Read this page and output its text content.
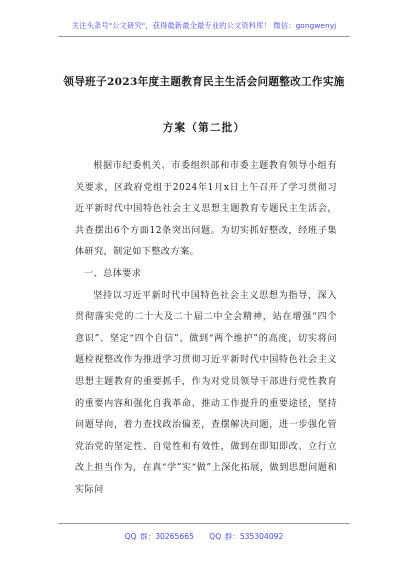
关注头条号"公文研究"，获得最新最全最专业的公文资料库！ 微信：gongwenyj
领导班子2023年度主题教育民主生活会问题整改工作实施
方案（第二批）

根据市纪委机关、市委组织部和市委主题教育领导小组有关要求，区政府党组于2024年1月x日上午召开了学习贯彻习近平新时代中国特色社会主义思想主题教育专题民主生活会，共查摆出6个方面12条突出问题。为切实抓好整改，经班子集体研究，制定如下整改方案。

一、总体要求

坚持以习近平新时代中国特色社会主义思想为指导，深入贯彻落实党的二十大及二十届二中全会精神，站在增强“四个意识”、坚定“四个自信”、做到“两个维护”的高度，切实将问题检视整改作为推进学习贯彻习近平新时代中国特色社会主义思想主题教育的重要抓手，作为对党员领导干部进行党性教育的重要内容和强化自我革命、推动工作提升的重要途径，坚持问题导向，着力查找政治偏差，查摆解决问题，进一步强化管党治党的坚定性、自觉性和有效性，做到在即知即改、立行立改上担当作为，在真“学”实“做”上深化拓展，做到思想问题和实际问

QQ 群：30265665 QQ 群：535304092
